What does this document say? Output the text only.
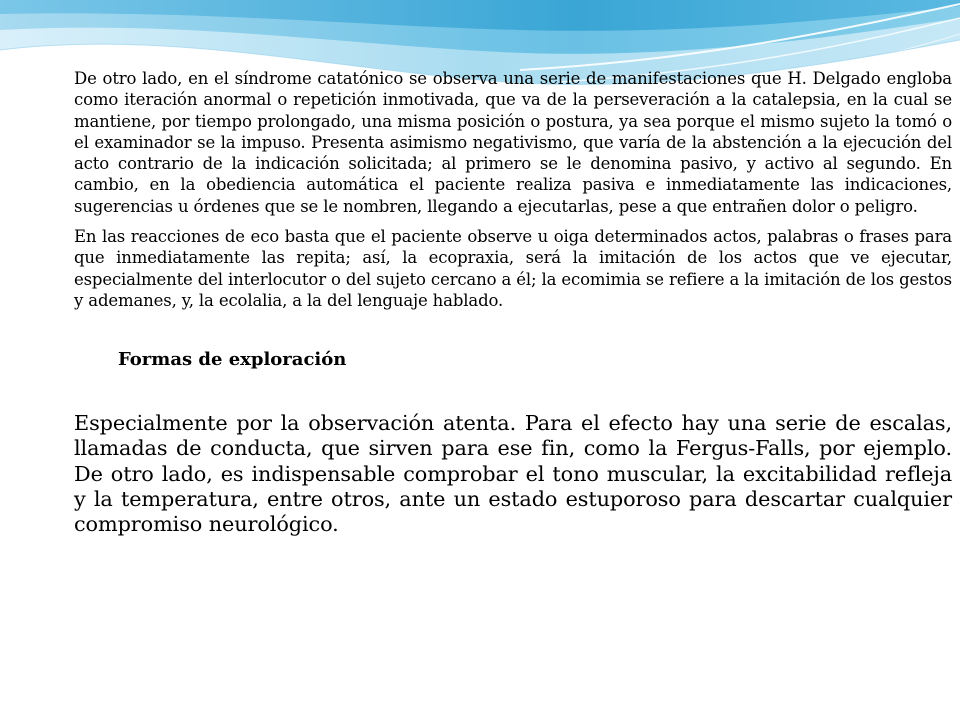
De otro lado, en el síndrome catatónico se observa una serie de manifestaciones que H. Delgado engloba como iteración anormal o repetición inmotivada, que va de la perseveración a la catalepsia, en la cual se mantiene, por tiempo prolongado, una misma posición o postura, ya sea porque el mismo sujeto la tomó o el examinador se la impuso. Presenta asimismo negativismo, que varía de la abstención a la ejecución del acto contrario de la indicación solicitada; al primero se le denomina pasivo, y activo al segundo. En cambio, en la obediencia automática el paciente realiza pasiva e inmediatamente las indicaciones, sugerencias u órdenes que se le nombren, llegando a ejecutarlas, pese a que entrañen dolor o peligro.

En las reacciones de eco basta que el paciente observe u oiga determinados actos, palabras o frases para que inmediatamente las repita; así, la ecopraxia, será la imitación de los actos que ve ejecutar, especialmente del interlocutor o del sujeto cercano a él; la ecomimia se refiere a la imitación de los gestos y ademanes, y, la ecolalia, a la del lenguaje hablado.

Formas de exploración

Especialmente por la observación atenta. Para el efecto hay una serie de escalas, llamadas de conducta, que sirven para ese fin, como la Fergus-Falls, por ejemplo. De otro lado, es indispensable comprobar el tono muscular, la excitabilidad refleja y la temperatura, entre otros, ante un estado estuporoso para descartar cualquier compromiso neurológico.
